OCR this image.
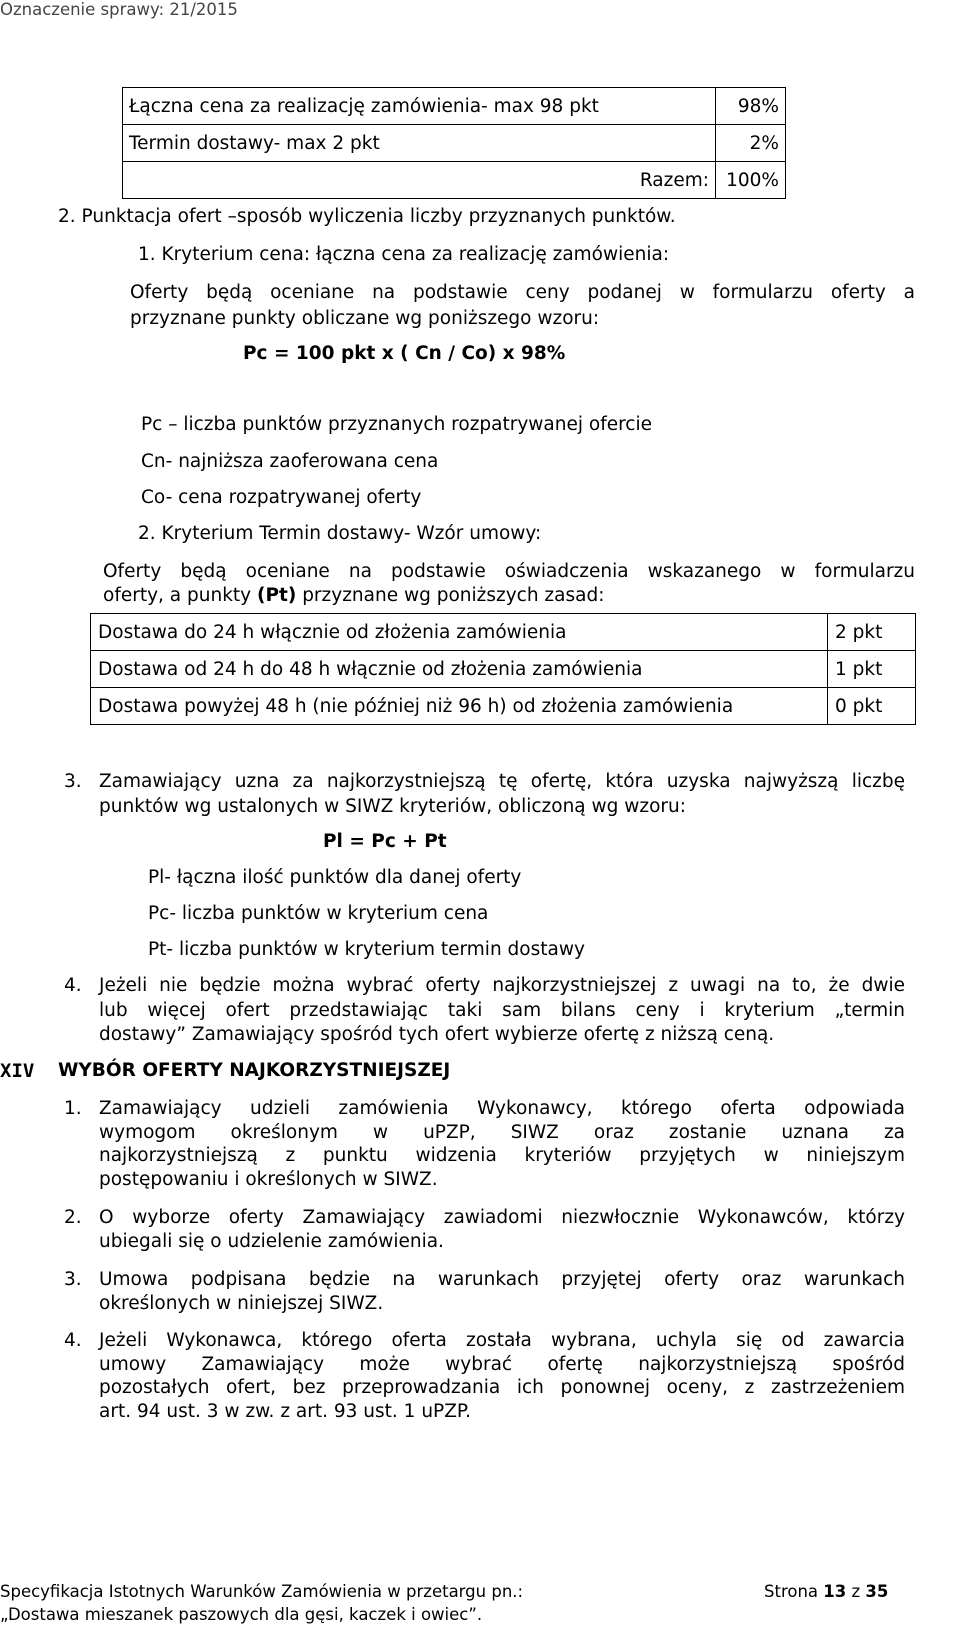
Oznaczenie sprawy: 21/2015
Łączna cena za realizację zamówienia- max 98 pkt	98%
Termin dostawy- max 2 pkt	2%
Razem:	100%
2. Punktacja ofert –sposób wyliczenia liczby przyznanych punktów.
1. Kryterium cena: łączna cena za realizację zamówienia:
Oferty będą oceniane na podstawie ceny podanej w formularzu oferty a
przyznane punkty obliczane wg poniższego wzoru:
Pc = 100 pkt x ( Cn / Co) x 98%
Pc – liczba punktów przyznanych rozpatrywanej ofercie
Cn- najniższa zaoferowana cena
Co- cena rozpatrywanej oferty
2. Kryterium Termin dostawy- Wzór umowy:
Oferty będą oceniane na podstawie oświadczenia wskazanego w formularzu
oferty, a punkty (Pt) przyznane wg poniższych zasad:
Dostawa do 24 h włącznie od złożenia zamówienia	2 pkt
Dostawa od 24 h do 48 h włącznie od złożenia zamówienia	1 pkt
Dostawa powyżej 48 h (nie później niż 96 h) od złożenia zamówienia	0 pkt
3. Zamawiający uzna za najkorzystniejszą tę ofertę, która uzyska najwyższą liczbę
punktów wg ustalonych w SIWZ kryteriów, obliczoną wg wzoru:
Pl = Pc + Pt
Pl- łączna ilość punktów dla danej oferty
Pc- liczba punktów w kryterium cena
Pt- liczba punktów w kryterium termin dostawy
4. Jeżeli nie będzie można wybrać oferty najkorzystniejszej z uwagi na to, że dwie
lub więcej ofert przedstawiając taki sam bilans ceny i kryterium „termin
dostawy” Zamawiający spośród tych ofert wybierze ofertę z niższą ceną.
XIV WYBÓR OFERTY NAJKORZYSTNIEJSZEJ
1. Zamawiający udzieli zamówienia Wykonawcy, którego oferta odpowiada
wymogom określonym w uPZP, SIWZ oraz zostanie uznana za
najkorzystniejszą z punktu widzenia kryteriów przyjętych w niniejszym
postępowaniu i określonych w SIWZ.
2. O wyborze oferty Zamawiający zawiadomi niezwłocznie Wykonawców, którzy
ubiegali się o udzielenie zamówienia.
3. Umowa podpisana będzie na warunkach przyjętej oferty oraz warunkach
określonych w niniejszej SIWZ.
4. Jeżeli Wykonawca, którego oferta została wybrana, uchyla się od zawarcia
umowy Zamawiający może wybrać ofertę najkorzystniejszą spośród
pozostałych ofert, bez przeprowadzania ich ponownej oceny, z zastrzeżeniem
art. 94 ust. 3 w zw. z art. 93 ust. 1 uPZP.
Specyfikacja Istotnych Warunków Zamówienia w przetargu pn.:
„Dostawa mieszanek paszowych dla gęsi, kaczek i owiec”.
Strona 13 z 35
